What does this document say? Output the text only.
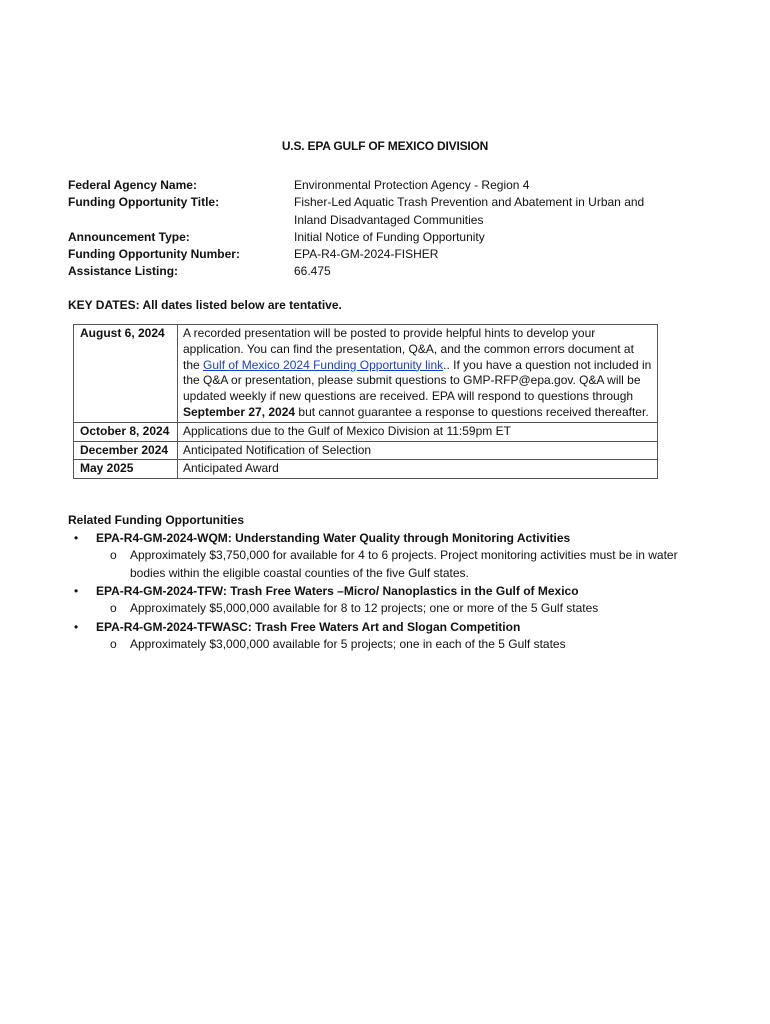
U.S. EPA GULF OF MEXICO DIVISION
Federal Agency Name:	Environmental Protection Agency - Region 4
Funding Opportunity Title:	Fisher-Led Aquatic Trash Prevention and Abatement in Urban and Inland Disadvantaged Communities
Announcement Type:	Initial Notice of Funding Opportunity
Funding Opportunity Number:	EPA-R4-GM-2024-FISHER
Assistance Listing:	66.475
KEY DATES: All dates listed below are tentative.
August 6, 2024	A recorded presentation will be posted to provide helpful hints to develop your application. You can find the presentation, Q&A, and the common errors document at the Gulf of Mexico 2024 Funding Opportunity link.. If you have a question not included in the Q&A or presentation, please submit questions to GMP-RFP@epa.gov. Q&A will be updated weekly if new questions are received. EPA will respond to questions through September 27, 2024 but cannot guarantee a response to questions received thereafter.
October 8, 2024	Applications due to the Gulf of Mexico Division at 11:59pm ET
December 2024	Anticipated Notification of Selection
May 2025	Anticipated Award
Related Funding Opportunities
• EPA-R4-GM-2024-WQM: Understanding Water Quality through Monitoring Activities
o Approximately $3,750,000 for available for 4 to 6 projects. Project monitoring activities must be in water bodies within the eligible coastal counties of the five Gulf states.
• EPA-R4-GM-2024-TFW: Trash Free Waters –Micro/ Nanoplastics in the Gulf of Mexico
o Approximately $5,000,000 available for 8 to 12 projects; one or more of the 5 Gulf states
• EPA-R4-GM-2024-TFWASC: Trash Free Waters Art and Slogan Competition
o Approximately $3,000,000 available for 5 projects; one in each of the 5 Gulf states
